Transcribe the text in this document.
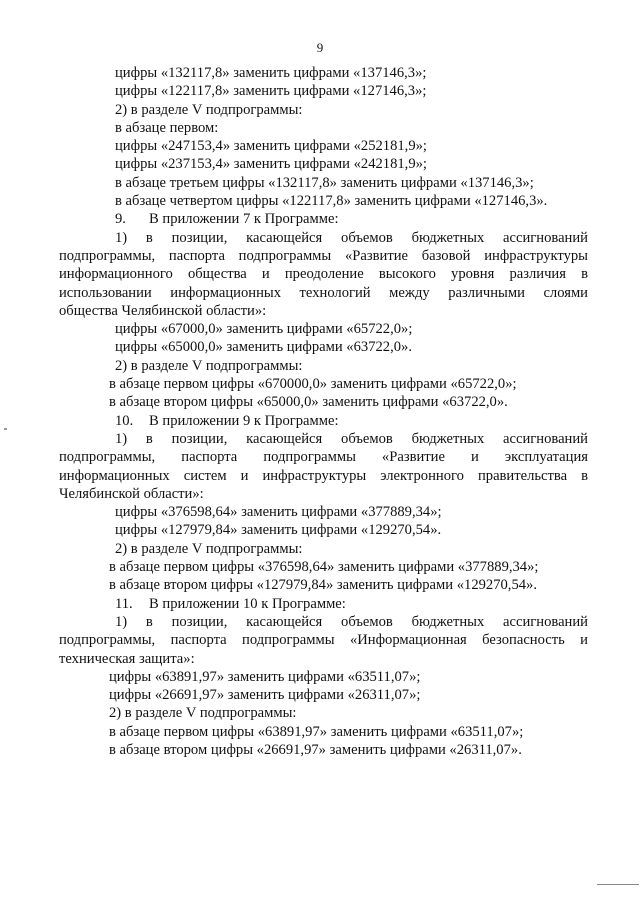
9
цифры «132117,8» заменить цифрами «137146,3»;
цифры «122117,8» заменить цифрами «127146,3»;
2) в разделе V подпрограммы:
в абзаце первом:
цифры «247153,4» заменить цифрами «252181,9»;
цифры «237153,4» заменить цифрами «242181,9»;
в абзаце третьем цифры «132117,8» заменить цифрами «137146,3»;
в абзаце четвертом цифры «122117,8» заменить цифрами «127146,3».
9. В приложении 7 к Программе:
1) в позиции, касающейся объемов бюджетных ассигнований
подпрограммы, паспорта подпрограммы «Развитие базовой инфраструктуры
информационного общества и преодоление высокого уровня различия в
использовании информационных технологий между различными слоями
общества Челябинской области»:
цифры «67000,0» заменить цифрами «65722,0»;
цифры «65000,0» заменить цифрами «63722,0».
2) в разделе V подпрограммы:
в абзаце первом цифры «670000,0» заменить цифрами «65722,0»;
в абзаце втором цифры «65000,0» заменить цифрами «63722,0».
10. В приложении 9 к Программе:
1) в позиции, касающейся объемов бюджетных ассигнований
подпрограммы, паспорта подпрограммы «Развитие и эксплуатация
информационных систем и инфраструктуры электронного правительства в
Челябинской области»:
цифры «376598,64» заменить цифрами «377889,34»;
цифры «127979,84» заменить цифрами «129270,54».
2) в разделе V подпрограммы:
в абзаце первом цифры «376598,64» заменить цифрами «377889,34»;
в абзаце втором цифры «127979,84» заменить цифрами «129270,54».
11. В приложении 10 к Программе:
1) в позиции, касающейся объемов бюджетных ассигнований
подпрограммы, паспорта подпрограммы «Информационная безопасность и
техническая защита»:
цифры «63891,97» заменить цифрами «63511,07»;
цифры «26691,97» заменить цифрами «26311,07»;
2) в разделе V подпрограммы:
в абзаце первом цифры «63891,97» заменить цифрами «63511,07»;
в абзаце втором цифры «26691,97» заменить цифрами «26311,07».
